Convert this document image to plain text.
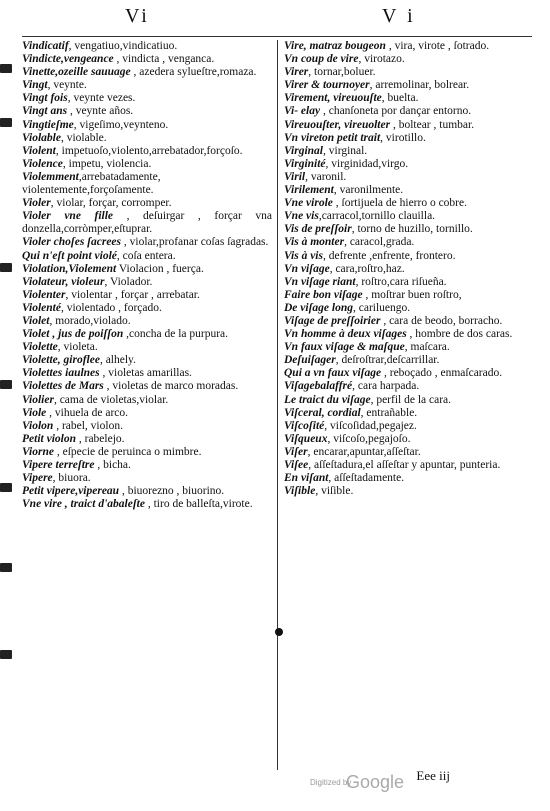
Vi	V i
Vindicatif, vengatiuo,vindicatiuo.
Vindicte,vengeance , vindicta , venganca.
Vinette,ozeille sauuage , azedera sylueſtre,romaza.
Vingt, veynte.
Vingt fois, veynte vezes.
Vingt ans , veynte años.
Vingtieſme, vigeſimo,veynteno.
Violable, violable.
Violent, impetuoſo,violento,arrebatador,forçoſo.
Violence, impetu, violencia.
Violemment,arrebatadamente, violentemente,forçoſamente.
Violer, violar, forçar, corromper.
Violer vne fille , deſuirgar , forçar vna donzella,corròmper,eſtuprar.
Violer choſes ſacrees , violar,profanar coſas ſagradas.
Qui n'eſt point violé, coſa entera.
Violation,Violement Violacion , fuerça.
Violateur, violeur, Violador.
Violenter, violentar , forçar , arrebatar.
Violenté, violentado , forçado.
Violet, morado,violado.
Violet , jus de poiſſon ,concha de la purpura.
Violette, violeta.
Violette, giroflee, alhely.
Violettes iaulnes , violetas amarillas.
Violettes de Mars , violetas de marco moradas.
Violier, cama de violetas,violar.
Viole , vihuela de arco.
Violon , rabel, violon.
Petit violon , rabelejo.
Viorne , eſpecie de peruinca o mimbre.
Vipere terreſtre , bicha.
Vipere, biuora.
Petit vipere,vipereau , biuorezno , biuorino.
Vne vire , traict d'abaleſte , tiro de balleſta,virote.
Vire, matraz bougeon , vira, virote , ſotrado.
Vn coup de vire, virotazo.
Virer, tornar,boluer.
Virer & tournoyer, arremolinar, bolrear.
Virement, vireuouſte, buelta.
Vi- elay , chanſoneta por dançar entorno.
Vireuouſter, vireuolter , boltear , tumbar.
Vn vireton petit trait, virotillo.
Virginal, virginal.
Virginité, virginidad,virgo.
Viril, varonil.
Virilement, varonilmente.
Vne virole , ſortijuela de hierro o cobre.
Vne vis,carracol,tornillo clauilla.
Vis de preſſoir, torno de huzillo, tornillo.
Vis à monter, caracol,grada.
Vis à vis, defrente ,enfrente, frontero.
Vn viſage, cara,roſtro,haz.
Vn viſage riant, roſtro,cara riſueña.
Faire bon viſage , moſtrar buen roſtro,
De viſage long, cariluengo.
Viſage de preſſoirier , cara de beodo, borracho.
Vn homme à deux viſages , hombre de dos caras.
Vn faux viſage & maſque, maſcara.
Deſuiſager, deſroſtrar,deſcarrillar.
Qui a vn faux viſage , reboçado , enmaſcarado.
Viſagebalaffré, cara harpada.
Le traict du viſage, perfil de la cara.
Viſceral, cordial, entrañable.
Viſcoſité, viſcoſidad,pegajez.
Viſqueux, viſcoſo,pegajoſo.
Viſer, encarar,apuntar,aſſeſtar.
Viſee, aſſeſtadura,el aſſeſtar y apuntar, punteria.
En viſant, aſſeſtadamente.
Viſible, viſible.
Eee iij
Digitized by
Google
